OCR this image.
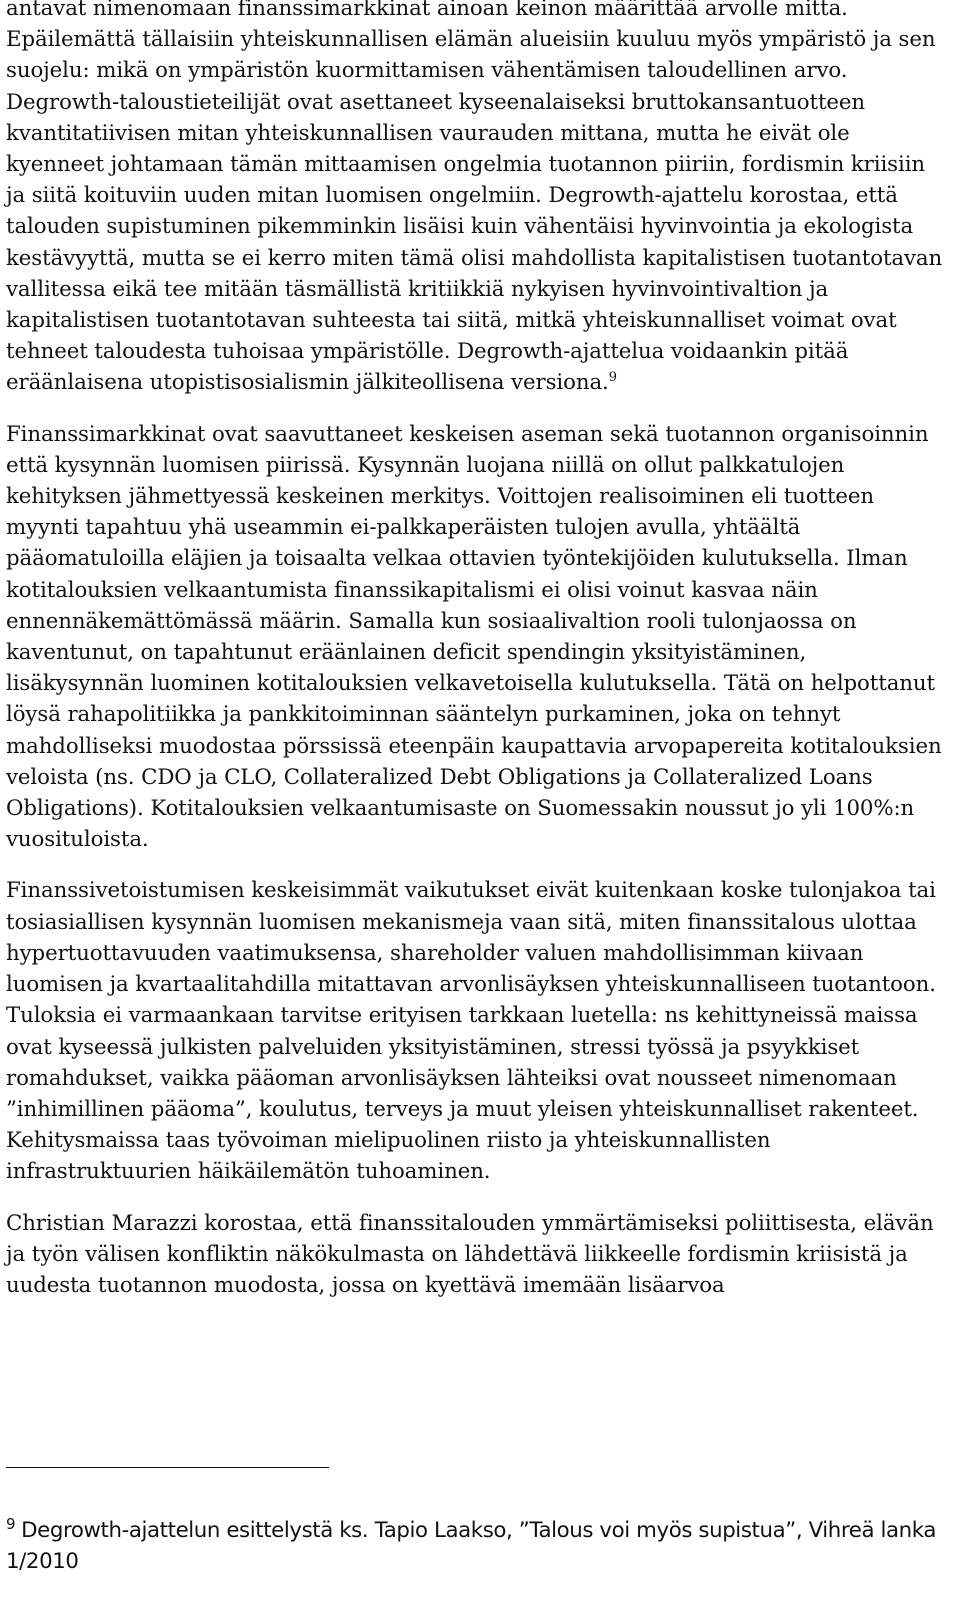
antavat nimenomaan finanssimarkkinat ainoan keinon määrittää arvolle mitta. Epäilemättä tällaisiin yhteiskunnallisen elämän alueisiin kuuluu myös ympäristö ja sen suojelu: mikä on ympäristön kuormittamisen vähentämisen taloudellinen arvo. Degrowth-taloustieteilijät ovat asettaneet kyseenalaiseksi bruttokansantuotteen kvantitatiivisen mitan yhteiskunnallisen vaurauden mittana, mutta he eivät ole kyenneet johtamaan tämän mittaamisen ongelmia tuotannon piiriin, fordismin kriisiin ja siitä koituviin uuden mitan luomisen ongelmiin. Degrowth-ajattelu korostaa, että talouden supistuminen pikemminkin lisäisi kuin vähentäisi hyvinvointia ja ekologista kestävyyttä, mutta se ei kerro miten tämä olisi mahdollista kapitalistisen tuotantotavan vallitessa eikä tee mitään täsmällistä kritiikkiä nykyisen hyvinvointivaltion ja kapitalistisen tuotantotavan suhteesta tai siitä, mitkä yhteiskunnalliset voimat ovat tehneet taloudesta tuhoisaa ympäristölle. Degrowth-ajattelua voidaankin pitää eräänlaisena utopistisosialismin jälkiteollisena versiona.$^9$

Finanssimarkkinat ovat saavuttaneet keskeisen aseman sekä tuotannon organisoinnin että kysynnän luomisen piirissä. Kysynnän luojana niillä on ollut palkkatulojen kehityksen jähmettyessä keskeinen merkitys. Voittojen realisoiminen eli tuotteen myynti tapahtuu yhä useammin ei-palkkaperäisten tulojen avulla, yhtäältä pääomatuloilla eläjien ja toisaalta velkaa ottavien työntekijöiden kulutuksella. Ilman kotitalouksien velkaantumista finanssikapitalismi ei olisi voinut kasvaa näin ennennäkemättömässä määrin. Samalla kun sosiaalivaltion rooli tulonjaossa on kaventunut, on tapahtunut eräänlainen deficit spendingin yksityistäminen, lisäkysynnän luominen kotitalouksien velkavetoisella kulutuksella. Tätä on helpottanut löysä rahapolitiikka ja pankkitoiminnan sääntelyn purkaminen, joka on tehnyt mahdolliseksi muodostaa pörssissä eteenpäin kaupattavia arvopapereita kotitalouksien veloista (ns. CDO ja CLO, Collateralized Debt Obligations ja Collateralized Loans Obligations). Kotitalouksien velkaantumisaste on Suomessakin noussut jo yli 100%:n vuosituloista.

Finanssivetoistumisen keskeisimmät vaikutukset eivät kuitenkaan koske tulonjakoa tai tosiasiallisen kysynnän luomisen mekanismeja vaan sitä, miten finanssitalous ulottaa hypertuottavuuden vaatimuksensa, shareholder valuen mahdollisimman kiivaan luomisen ja kvartaalitahdilla mitattavan arvonlisäyksen yhteiskunnalliseen tuotantoon. Tuloksia ei varmaankaan tarvitse erityisen tarkkaan luetella: ns kehittyneissä maissa ovat kyseessä julkisten palveluiden yksityistäminen, stressi työssä ja psyykkiset romahdukset, vaikka pääoman arvonlisäyksen lähteiksi ovat nousseet nimenomaan ”inhimillinen pääoma”, koulutus, terveys ja muut yleisen yhteiskunnalliset rakenteet. Kehitysmaissa taas työvoiman mielipuolinen riisto ja yhteiskunnallisten infrastruktuurien häikäilemätön tuhoaminen.

Christian Marazzi korostaa, että finanssitalouden ymmärtämiseksi poliittisesta, elävän ja työn välisen konfliktin näkökulmasta on lähdettävä liikkeelle fordismin kriisistä ja uudesta tuotannon muodosta, jossa on kyettävä imemään lisäarvoa

$^9$ Degrowth-ajattelun esittelystä ks. Tapio Laakso, ”Talous voi myös supistua”, Vihreä lanka 1/2010
